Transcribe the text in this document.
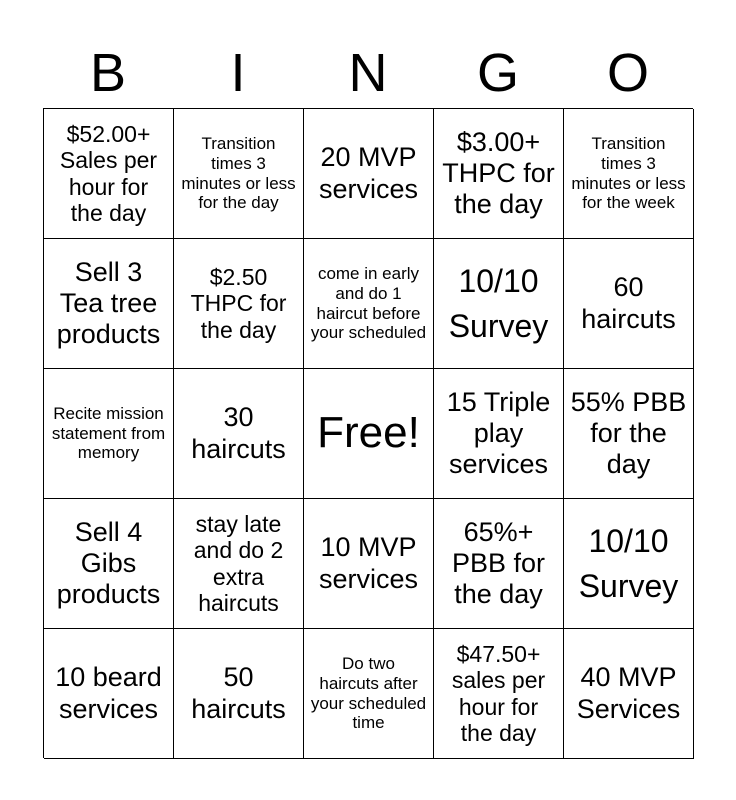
B	I	N	G	O
$52.00+ Sales per hour for the day
Transition times 3 minutes or less for the day
20 MVP services
$3.00+ THPC for the day
Transition times 3 minutes or less for the week
Sell 3 Tea tree products
$2.50 THPC for the day
come in early and do 1 haircut before your scheduled
10/10 Survey
60 haircuts
Recite mission statement from memory
30 haircuts Free!
15 Triple play services
55% PBB for the day
Sell 4 Gibs products
stay late and do 2 extra haircuts
10 MVP services
65%+ PBB for the day
10/10 Survey
10 beard services
50 haircuts
Do two haircuts after your scheduled time
$47.50+ sales per hour for the day
40 MVP Services
